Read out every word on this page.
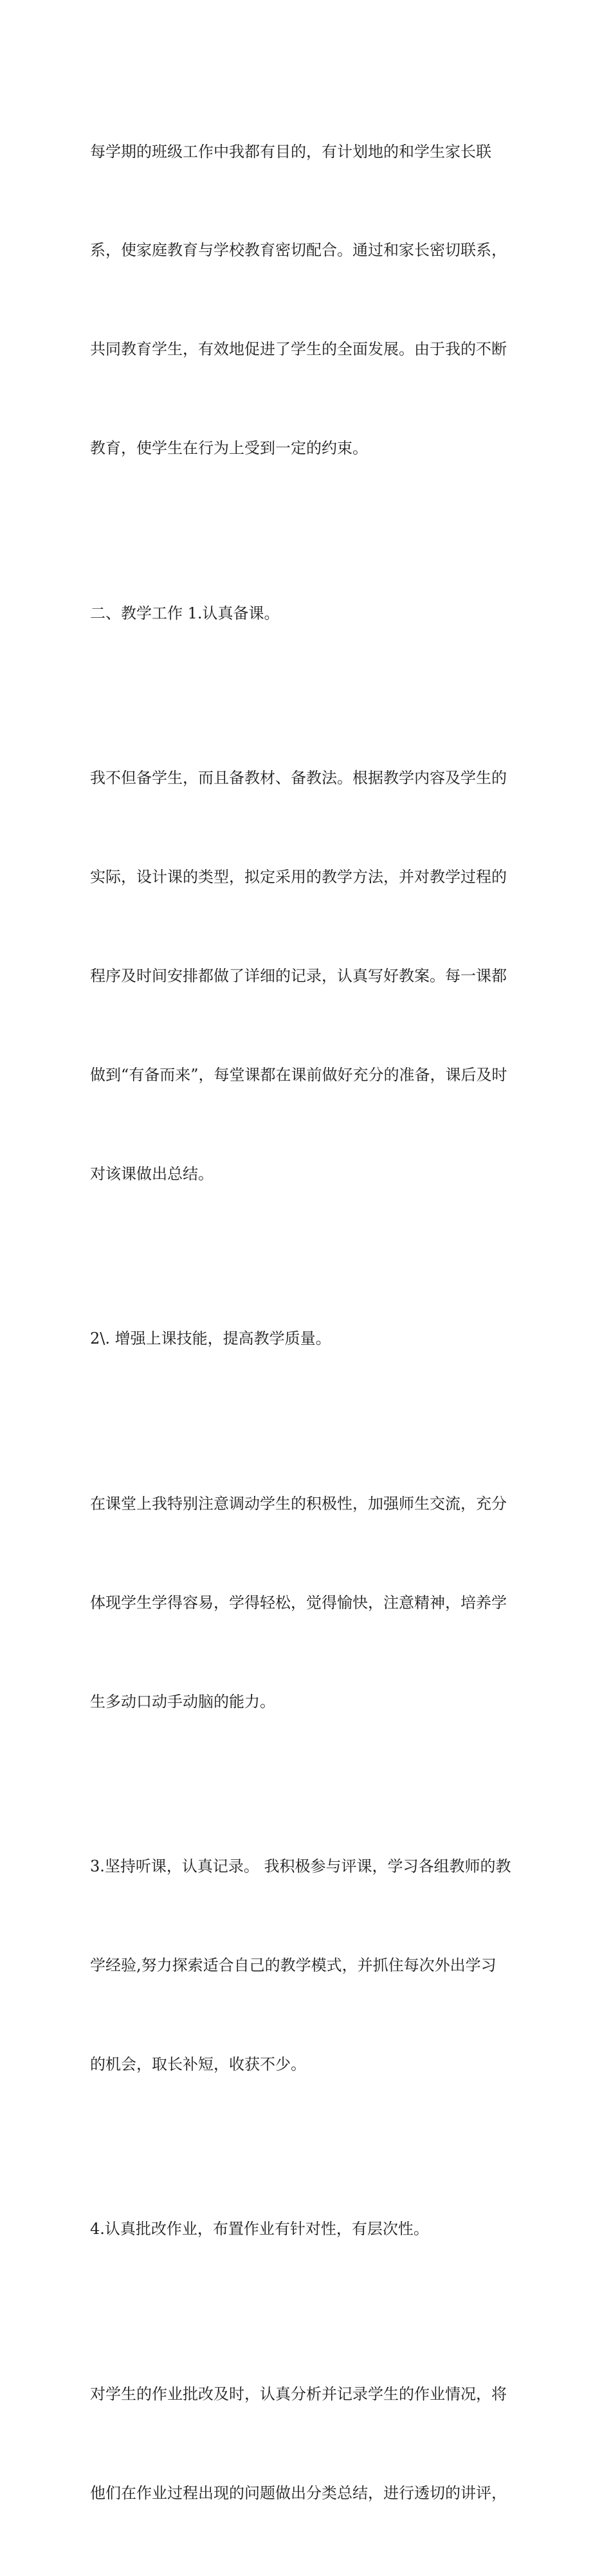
每学期的班级工作中我都有目的，有计划地的和学生家长联

系，使家庭教育与学校教育密切配合。通过和家长密切联系，

共同教育学生，有效地促进了学生的全面发展。由于我的不断

教育，使学生在行为上受到一定的约束。

二、教学工作 1.认真备课。

我不但备学生，而且备教材、备教法。根据教学内容及学生的

实际，设计课的类型，拟定采用的教学方法，并对教学过程的

程序及时间安排都做了详细的记录，认真写好教案。每一课都

做到“有备而来”，每堂课都在课前做好充分的准备，课后及时

对该课做出总结。

2\. 增强上课技能，提高教学质量。

在课堂上我特别注意调动学生的积极性，加强师生交流，充分

体现学生学得容易，学得轻松，觉得愉快，注意精神，培养学

生多动口动手动脑的能力。

3.坚持听课，认真记录。 我积极参与评课，学习各组教师的教

学经验,努力探索适合自己的教学模式，并抓住每次外出学习

的机会，取长补短，收获不少。

4.认真批改作业，布置作业有针对性，有层次性。

对学生的作业批改及时，认真分析并记录学生的作业情况，将

他们在作业过程出现的问题做出分类总结，进行透切的讲评，
